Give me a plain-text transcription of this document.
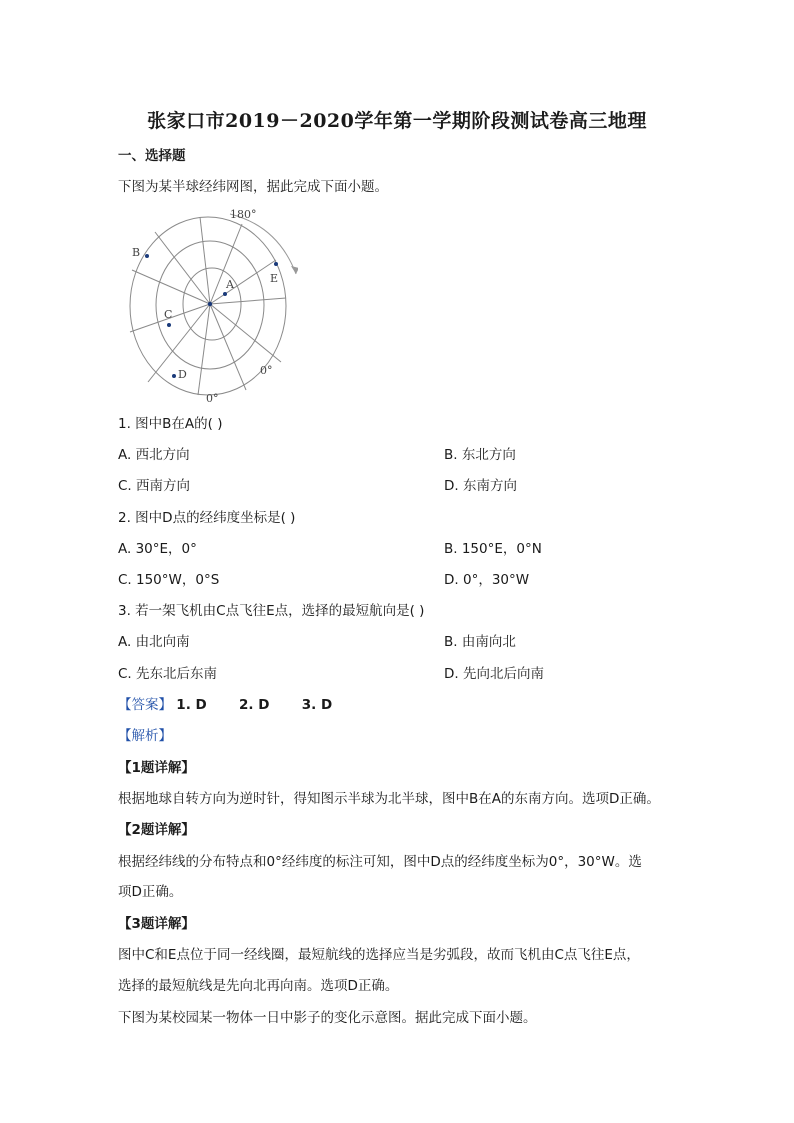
张家口市2019－2020学年第一学期阶段测试卷高三地理
一、选择题
下图为某半球经纬网图，据此完成下面小题。
180°
0°
0°
B
A
C
D
E
1. 图中B在A的( )
A. 西北方向	B. 东北方向
C. 西南方向	D. 东南方向
2. 图中D点的经纬度坐标是( )
A. 30°E，0°	B. 150°E，0°N
C. 150°W，0°S	D. 0°，30°W
3. 若一架飞机由C点飞往E点，选择的最短航向是( )
A. 由北向南	B. 由南向北
C. 先东北后东南	D. 先向北后向南
【答案】 1. D 2. D 3. D
【解析】
【1题详解】
根据地球自转方向为逆时针，得知图示半球为北半球，图中B在A的东南方向。选项D正确。
【2题详解】
根据经纬线的分布特点和0°经纬度的标注可知，图中D点的经纬度坐标为0°，30°W。选
项D正确。
【3题详解】
图中C和E点位于同一经线圈，最短航线的选择应当是劣弧段，故而飞机由C点飞往E点，
选择的最短航线是先向北再向南。选项D正确。
下图为某校园某一物体一日中影子的变化示意图。据此完成下面小题。
